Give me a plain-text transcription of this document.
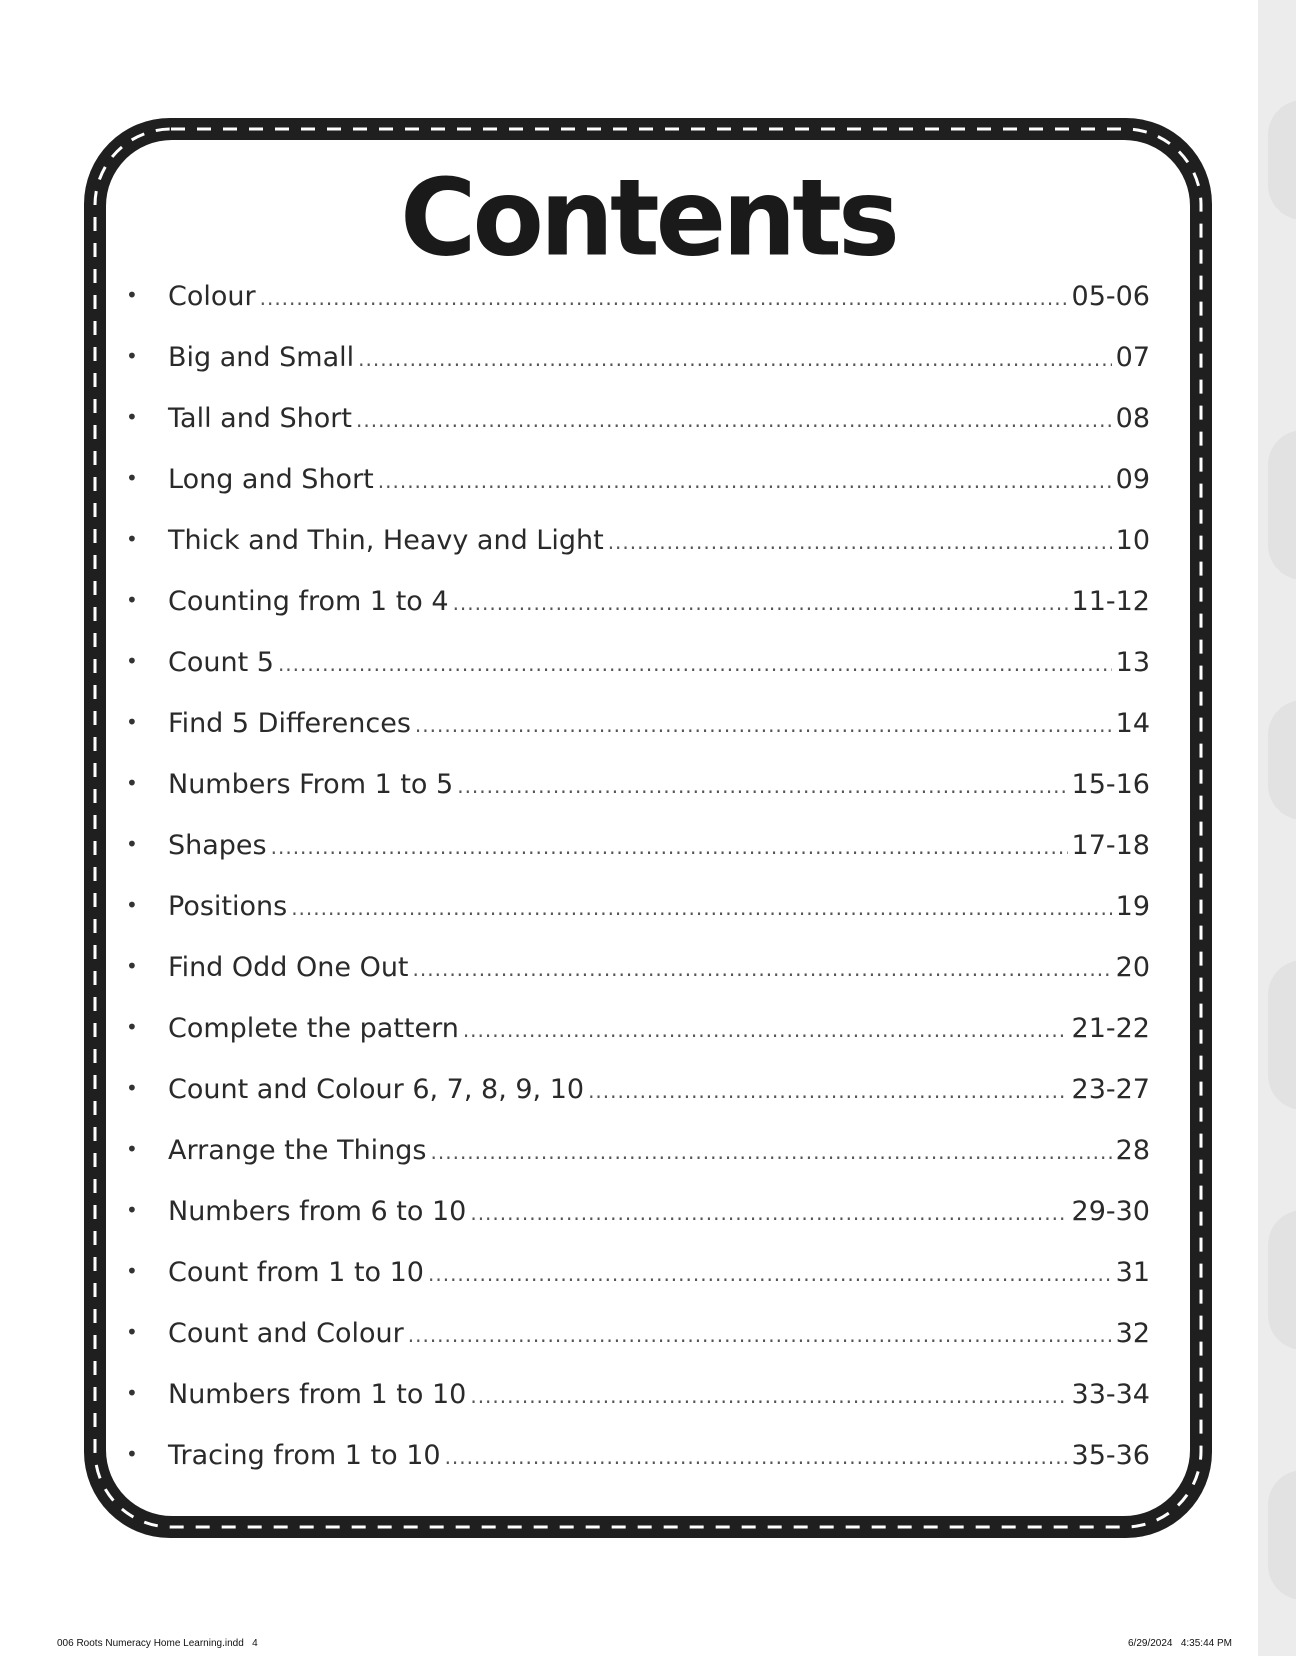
Contents
•	Colour .....	05-06
•	Big and Small .....	07
•	Tall and Short .....	08
•	Long and Short .....	09
•	Thick and Thin, Heavy and Light .....	10
•	Counting from 1 to 4 .....	11-12
•	Count 5 .....	13
•	Find 5 Differences .....	14
•	Numbers From 1 to 5 .....	15-16
•	Shapes .....	17-18
•	Positions .....	19
•	Find Odd One Out .....	20
•	Complete the pattern .....	21-22
•	Count and Colour 6, 7, 8, 9, 10 .....	23-27
•	Arrange the Things .....	28
•	Numbers from 6 to 10 .....	29-30
•	Count from 1 to 10 .....	31
•	Count and Colour .....	32
•	Numbers from 1 to 10 .....	33-34
•	Tracing from 1 to 10 .....	35-36
006 Roots Numeracy Home Learning.indd   4	6/29/2024   4:35:44 PM
